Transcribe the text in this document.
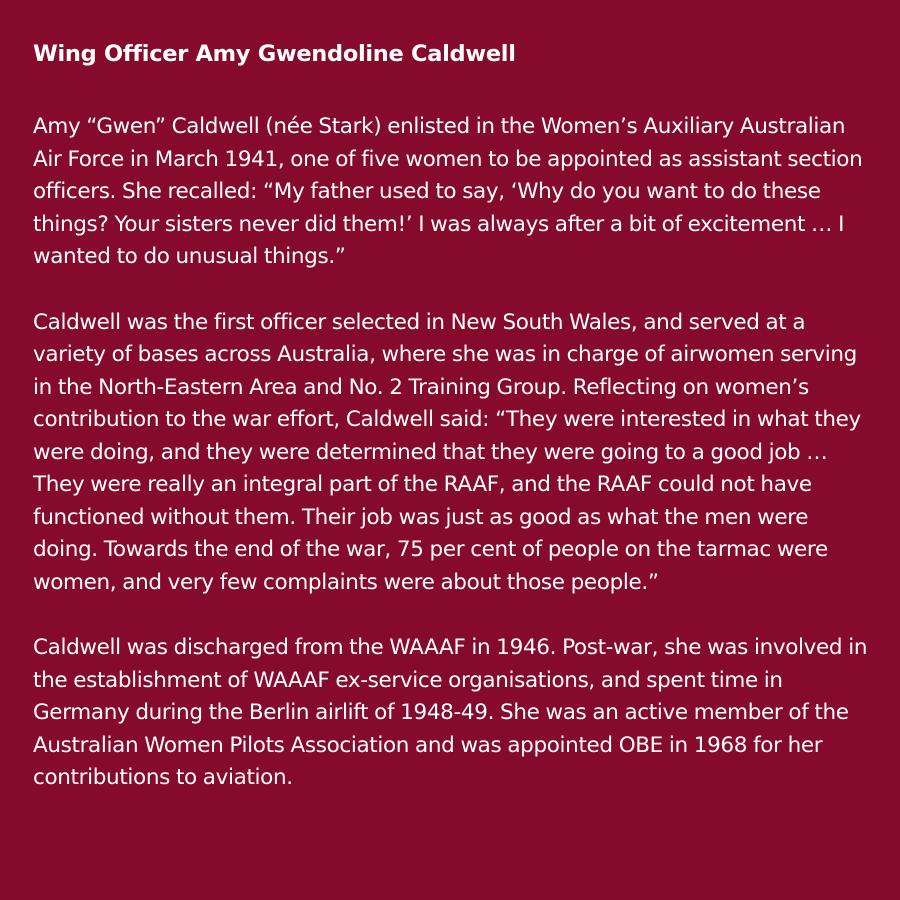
Wing Officer Amy Gwendoline Caldwell

Amy “Gwen” Caldwell (née Stark) enlisted in the Women’s Auxiliary Australian Air Force in March 1941, one of five women to be appointed as assistant section officers. She recalled: “My father used to say, ‘Why do you want to do these things? Your sisters never did them!’ I was always after a bit of excitement … I wanted to do unusual things.”

Caldwell was the first officer selected in New South Wales, and served at a variety of bases across Australia, where she was in charge of airwomen serving in the North-Eastern Area and No. 2 Training Group. Reflecting on women’s contribution to the war effort, Caldwell said: “They were interested in what they were doing, and they were determined that they were going to a good job … They were really an integral part of the RAAF, and the RAAF could not have functioned without them. Their job was just as good as what the men were doing. Towards the end of the war, 75 per cent of people on the tarmac were women, and very few complaints were about those people.”

Caldwell was discharged from the WAAAF in 1946. Post-war, she was involved in the establishment of WAAAF ex-service organisations, and spent time in Germany during the Berlin airlift of 1948-49. She was an active member of the Australian Women Pilots Association and was appointed OBE in 1968 for her contributions to aviation.
